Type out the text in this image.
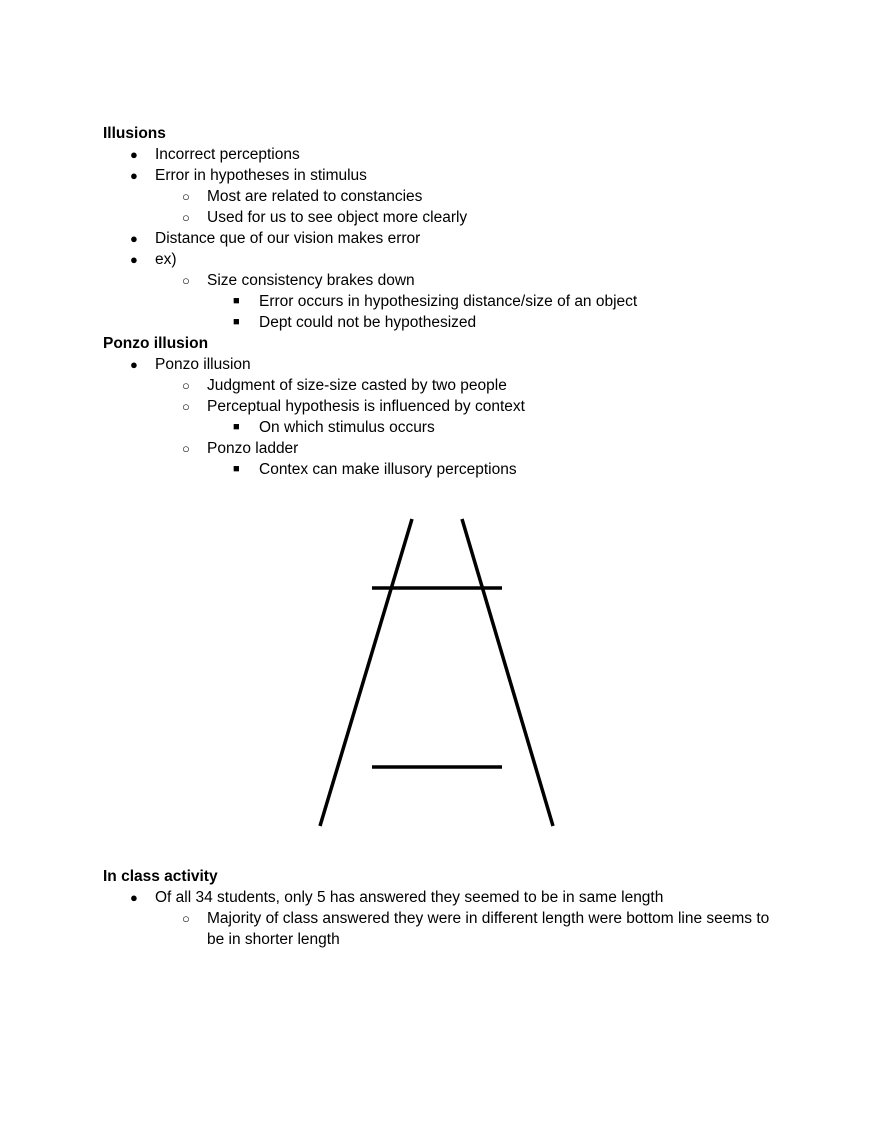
Illusions
● Incorrect perceptions
● Error in hypotheses in stimulus
○ Most are related to constancies
○ Used for us to see object more clearly
● Distance que of our vision makes error
● ex)
○ Size consistency brakes down
■ Error occurs in hypothesizing distance/size of an object
■ Dept could not be hypothesized
Ponzo illusion
● Ponzo illusion
○ Judgment of size-size casted by two people
○ Perceptual hypothesis is influenced by context
■ On which stimulus occurs
○ Ponzo ladder
■ Contex can make illusory perceptions
In class activity
● Of all 34 students, only 5 has answered they seemed to be in same length
○ Majority of class answered they were in different length were bottom line seems to be in shorter length
